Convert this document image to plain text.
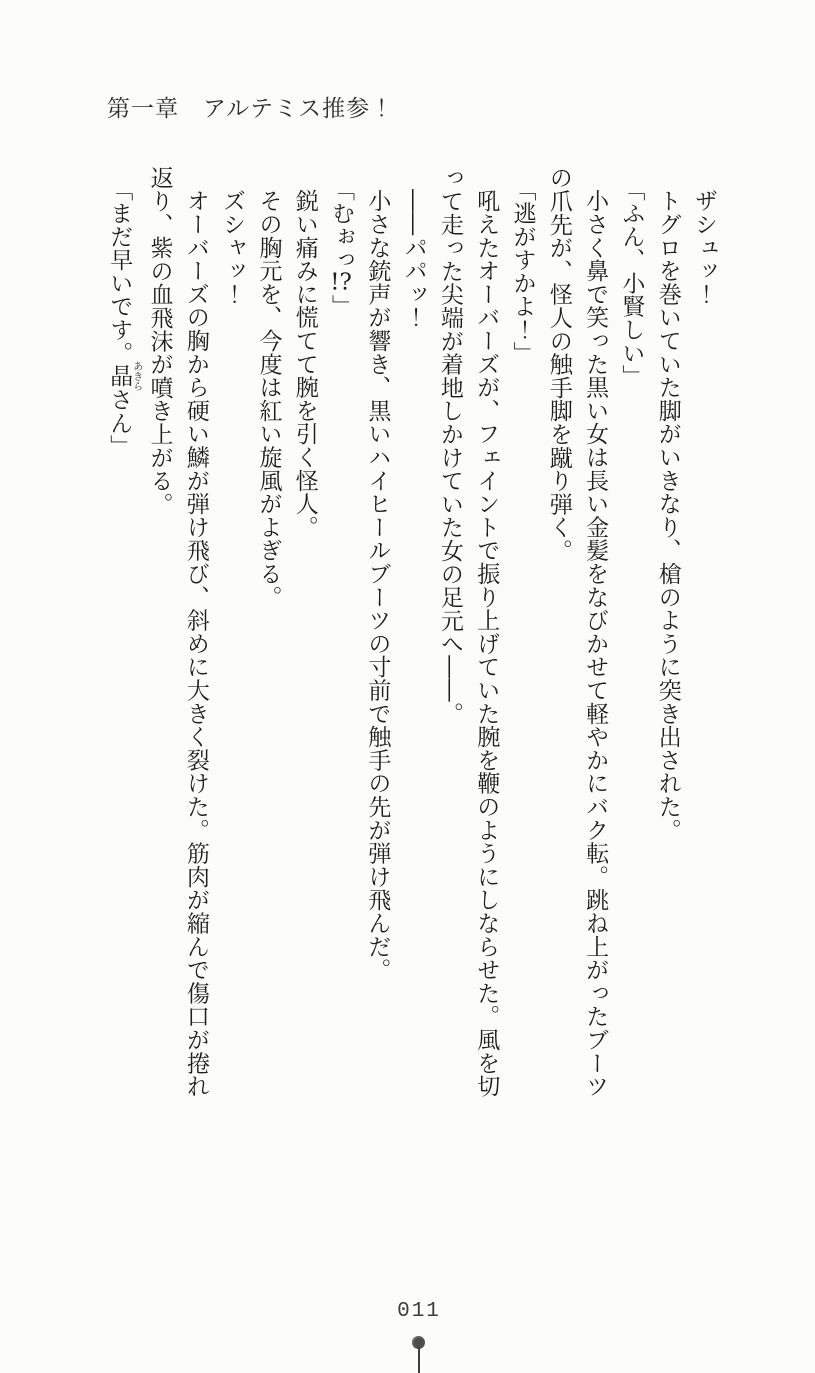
第一章　アルテミス推参！

ザシュッ！

トグロを巻いていた脚がいきなり、槍のように突き出された。

「ふん、小賢しい」

小さく鼻で笑った黒い女は長い金髪をなびかせて軽やかにバク転。跳ね上がったブーツ

の爪先が、怪人の触手脚を蹴り弾く。

「逃がすかよ！」

吼えたオーバーズが、フェイントで振り上げていた腕を鞭のようにしならせた。風を切

って走った尖端が着地しかけていた女の足元へ――。

――パパッ！

小さな銃声が響き、黒いハイヒールブーツの寸前で触手の先が弾け飛んだ。

「むぉっ!?」

鋭い痛みに慌てて腕を引く怪人。

その胸元を、今度は紅い旋風がよぎる。

ズシャッ！

オーバーズの胸から硬い鱗が弾け飛び、斜めに大きく裂けた。筋肉が縮んで傷口が捲れ

返り、紫の血飛沫が噴き上がる。

「まだ早いです。晶あきらさん」

011
